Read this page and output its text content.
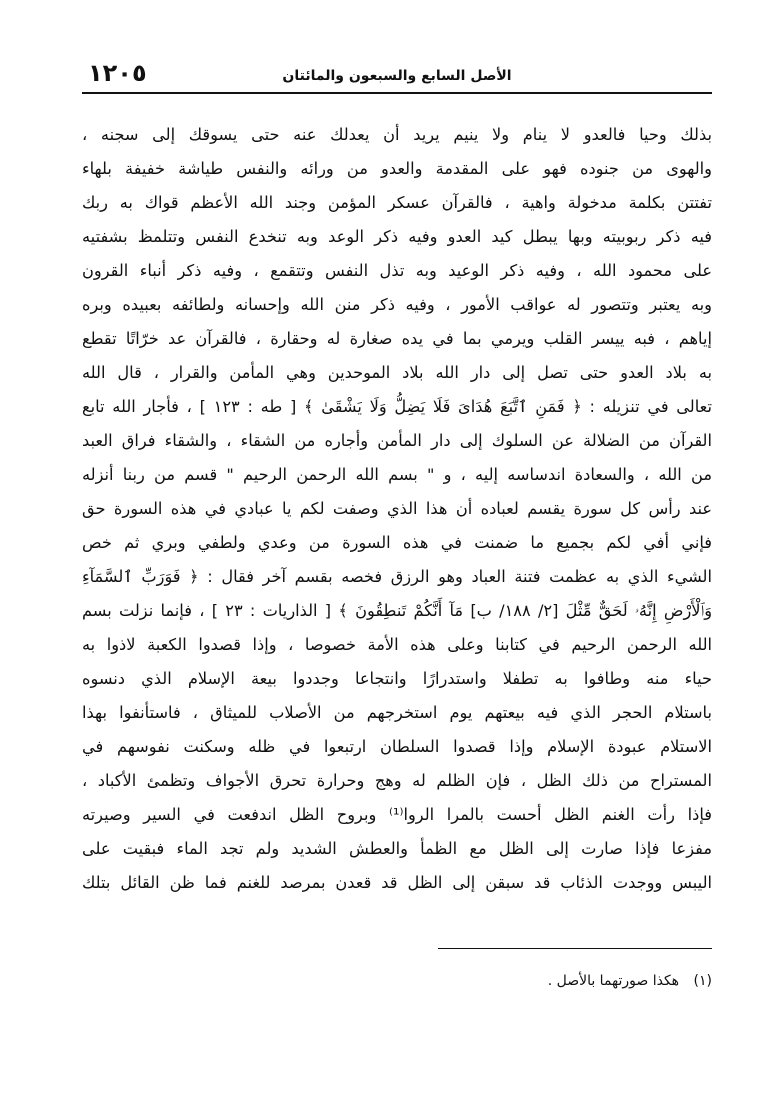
١٢٠٥	الأصل السابع والسبعون والمائتان
بذلك وحيا فالعدو لا ينام ولا ينيم يريد أن يعدلك عنه حتى يسوقك إلى سجنه ،
والهوى من جنوده فهو على المقدمة والعدو من ورائه والنفس طياشة خفيفة بلهاء
تفتتن بكلمة مدخولة واهية ، فالقرآن عسكر المؤمن وجند الله الأعظم قواك به ربك
فيه ذكر ربوبيته وبها يبطل كيد العدو وفيه ذكر الوعد وبه تنخدع النفس وتتلمظ بشفتيه
على محمود الله ، وفيه ذكر الوعيد وبه تذل النفس وتتقمع ، وفيه ذكر أنباء القرون
وبه يعتبر وتتصور له عواقب الأمور ، وفيه ذكر منن الله وإحسانه ولطائفه بعبيده وبره
إياهم ، فبه ييسر القلب ويرمي بما في يده صغارة له وحقارة ، فالقرآن عد خرّاتًا تقطع
به بلاد العدو حتى تصل إلى دار الله بلاد الموحدين وهي المأمن والقرار ، قال الله
تعالى في تنزيله : ﴿ فَمَنِ ٱتَّبَعَ هُدَاىَ فَلَا يَضِلُّ وَلَا يَشْقَىٰ ﴾ [ طه : ١٢٣ ] ، فأجار الله تابع
القرآن من الضلالة عن السلوك إلى دار المأمن وأجاره من الشقاء ، والشقاء فراق العبد
من الله ، والسعادة اندساسه إليه ، و " بسم الله الرحمن الرحيم " قسم من ربنا أنزله
عند رأس كل سورة يقسم لعباده أن هذا الذي وصفت لكم يا عبادي في هذه السورة حق
فإني أفي لكم بجميع ما ضمنت في هذه السورة من وعدي ولطفي وبري ثم خص
الشيء الذي به عظمت فتنة العباد وهو الرزق فخصه بقسم آخر فقال : ﴿ فَوَرَبِّ ٱلسَّمَآءِ
وَٱلْأَرْضِ إِنَّهُۥ لَحَقٌّ مِّثْلَ [٢/ ١٨٨/ ب] مَآ أَنَّكُمْ تَنطِقُونَ ﴾ [ الذاريات : ٢٣ ] ، فإنما نزلت بسم
الله الرحمن الرحيم في كتابنا وعلى هذه الأمة خصوصا ، وإذا قصدوا الكعبة لاذوا به
حياء منه وطافوا به تطفلا واستدرارًا وانتجاعا وجددوا بيعة الإسلام الذي دنسوه
باستلام الحجر الذي فيه بيعتهم يوم استخرجهم من الأصلاب للميثاق ، فاستأنفوا بهذا
الاستلام عبودة الإسلام وإذا قصدوا السلطان ارتبعوا في ظله وسكنت نفوسهم في
المستراح من ذلك الظل ، فإن الظلم له وهج وحرارة تحرق الأجواف وتظمئ الأكباد ،
فإذا رأت الغنم الظل أحست بالمرا الروا⁽¹⁾ وبروح الظل اندفعت في السير وصيرته
مفزعا فإذا صارت إلى الظل مع الظمأ والعطش الشديد ولم تجد الماء فبقيت على
اليبس ووجدت الذئاب قد سبقن إلى الظل قد قعدن بمرصد للغنم فما ظن القائل بتلك
(١) هكذا صورتهما بالأصل .
